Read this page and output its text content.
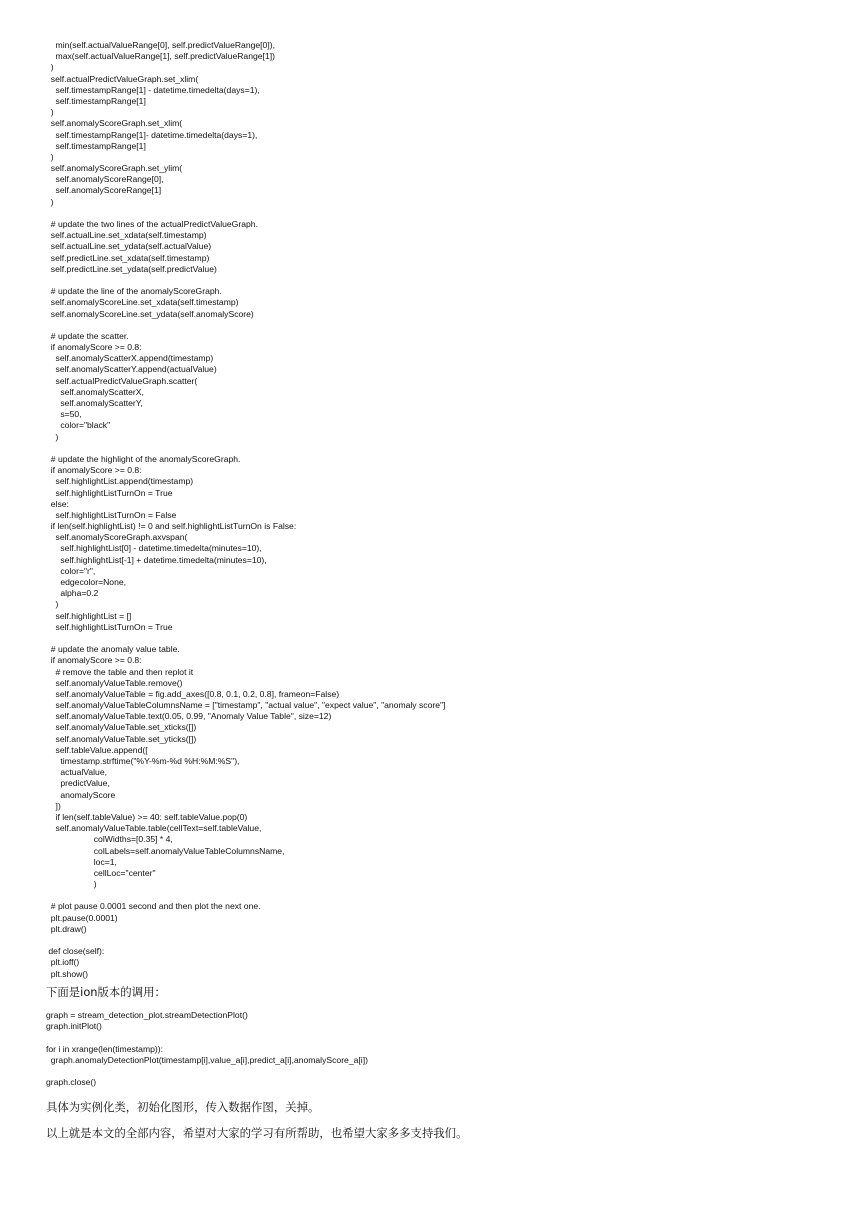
min(self.actualValueRange[0], self.predictValueRange[0]),
max(self.actualValueRange[1], self.predictValueRange[1])
)
self.actualPredictValueGraph.set_xlim(
self.timestampRange[1] - datetime.timedelta(days=1),
self.timestampRange[1]
)
self.anomalyScoreGraph.set_xlim(
self.timestampRange[1]- datetime.timedelta(days=1),
self.timestampRange[1]
)
self.anomalyScoreGraph.set_ylim(
self.anomalyScoreRange[0],
self.anomalyScoreRange[1]
)
# update the two lines of the actualPredictValueGraph.
self.actualLine.set_xdata(self.timestamp)
self.actualLine.set_ydata(self.actualValue)
self.predictLine.set_xdata(self.timestamp)
self.predictLine.set_ydata(self.predictValue)
# update the line of the anomalyScoreGraph.
self.anomalyScoreLine.set_xdata(self.timestamp)
self.anomalyScoreLine.set_ydata(self.anomalyScore)
# update the scatter.
if anomalyScore >= 0.8:
self.anomalyScatterX.append(timestamp)
self.anomalyScatterY.append(actualValue)
self.actualPredictValueGraph.scatter(
self.anomalyScatterX,
self.anomalyScatterY,
s=50,
color="black"
)
# update the highlight of the anomalyScoreGraph.
if anomalyScore >= 0.8:
self.highlightList.append(timestamp)
self.highlightListTurnOn = True
else:
self.highlightListTurnOn = False
if len(self.highlightList) != 0 and self.highlightListTurnOn is False:
self.anomalyScoreGraph.axvspan(
self.highlightList[0] - datetime.timedelta(minutes=10),
self.highlightList[-1] + datetime.timedelta(minutes=10),
color="r",
edgecolor=None,
alpha=0.2
)
self.highlightList = []
self.highlightListTurnOn = True
# update the anomaly value table.
if anomalyScore >= 0.8:
# remove the table and then replot it
self.anomalyValueTable.remove()
self.anomalyValueTable = fig.add_axes([0.8, 0.1, 0.2, 0.8], frameon=False)
self.anomalyValueTableColumnsName = ["timestamp", "actual value", "expect value", "anomaly score"]
self.anomalyValueTable.text(0.05, 0.99, "Anomaly Value Table", size=12)
self.anomalyValueTable.set_xticks([])
self.anomalyValueTable.set_yticks([])
self.tableValue.append([
timestamp.strftime("%Y-%m-%d %H:%M:%S"),
actualValue,
predictValue,
anomalyScore
])
if len(self.tableValue) >= 40: self.tableValue.pop(0)
self.anomalyValueTable.table(cellText=self.tableValue,
colWidths=[0.35] * 4,
colLabels=self.anomalyValueTableColumnsName,
loc=1,
cellLoc="center"
)
# plot pause 0.0001 second and then plot the next one.
plt.pause(0.0001)
plt.draw()
def close(self):
plt.ioff()
plt.show()

下面是ion版本的调用：

graph = stream_detection_plot.streamDetectionPlot()
graph.initPlot()
for i in xrange(len(timestamp)):
graph.anomalyDetectionPlot(timestamp[i],value_a[i],predict_a[i],anomalyScore_a[i])
graph.close()

具体为实例化类，初始化图形，传入数据作图，关掉。

以上就是本文的全部内容，希望对大家的学习有所帮助，也希望大家多多支持我们。
